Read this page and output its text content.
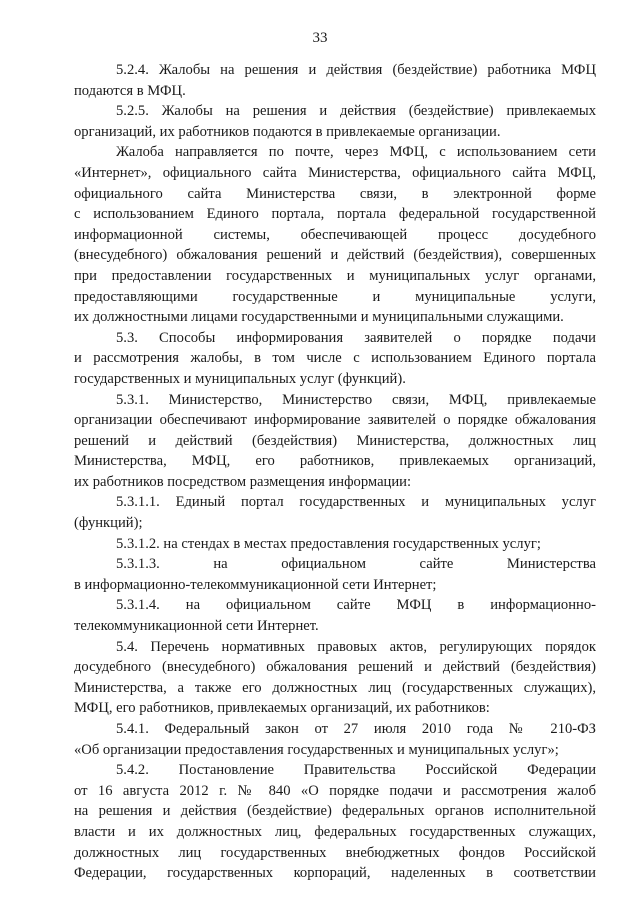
33
5.2.4. Жалобы на решения и действия (бездействие) работника МФЦ
подаются в МФЦ.
5.2.5. Жалобы на решения и действия (бездействие) привлекаемых
организаций, их работников подаются в привлекаемые организации.
Жалоба направляется по почте, через МФЦ, с использованием сети
«Интернет», официального сайта Министерства, официального сайта МФЦ,
официального сайта Министерства связи, в электронной форме
с использованием Единого портала, портала федеральной государственной
информационной системы, обеспечивающей процесс досудебного
(внесудебного) обжалования решений и действий (бездействия), совершенных
при предоставлении государственных и муниципальных услуг органами,
предоставляющими государственные и муниципальные услуги,
их должностными лицами государственными и муниципальными служащими.
5.3. Способы информирования заявителей о порядке подачи
и рассмотрения жалобы, в том числе с использованием Единого портала
государственных и муниципальных услуг (функций).
5.3.1. Министерство, Министерство связи, МФЦ, привлекаемые
организации обеспечивают информирование заявителей о порядке обжалования
решений и действий (бездействия) Министерства, должностных лиц
Министерства, МФЦ, его работников, привлекаемых организаций,
их работников посредством размещения информации:
5.3.1.1. Единый портал государственных и муниципальных услуг
(функций);
5.3.1.2. на стендах в местах предоставления государственных услуг;
5.3.1.3. на официальном сайте Министерства
в информационно-телекоммуникационной сети Интернет;
5.3.1.4. на официальном сайте МФЦ в информационно-
телекоммуникационной сети Интернет.
5.4. Перечень нормативных правовых актов, регулирующих порядок
досудебного (внесудебного) обжалования решений и действий (бездействия)
Министерства, а также его должностных лиц (государственных служащих),
МФЦ, его работников, привлекаемых организаций, их работников:
5.4.1. Федеральный закон от 27 июля 2010 года № 210-ФЗ
«Об организации предоставления государственных и муниципальных услуг»;
5.4.2. Постановление Правительства Российской Федерации
от 16 августа 2012 г. № 840 «О порядке подачи и рассмотрения жалоб
на решения и действия (бездействие) федеральных органов исполнительной
власти и их должностных лиц, федеральных государственных служащих,
должностных лиц государственных внебюджетных фондов Российской
Федерации, государственных корпораций, наделенных в соответствии
